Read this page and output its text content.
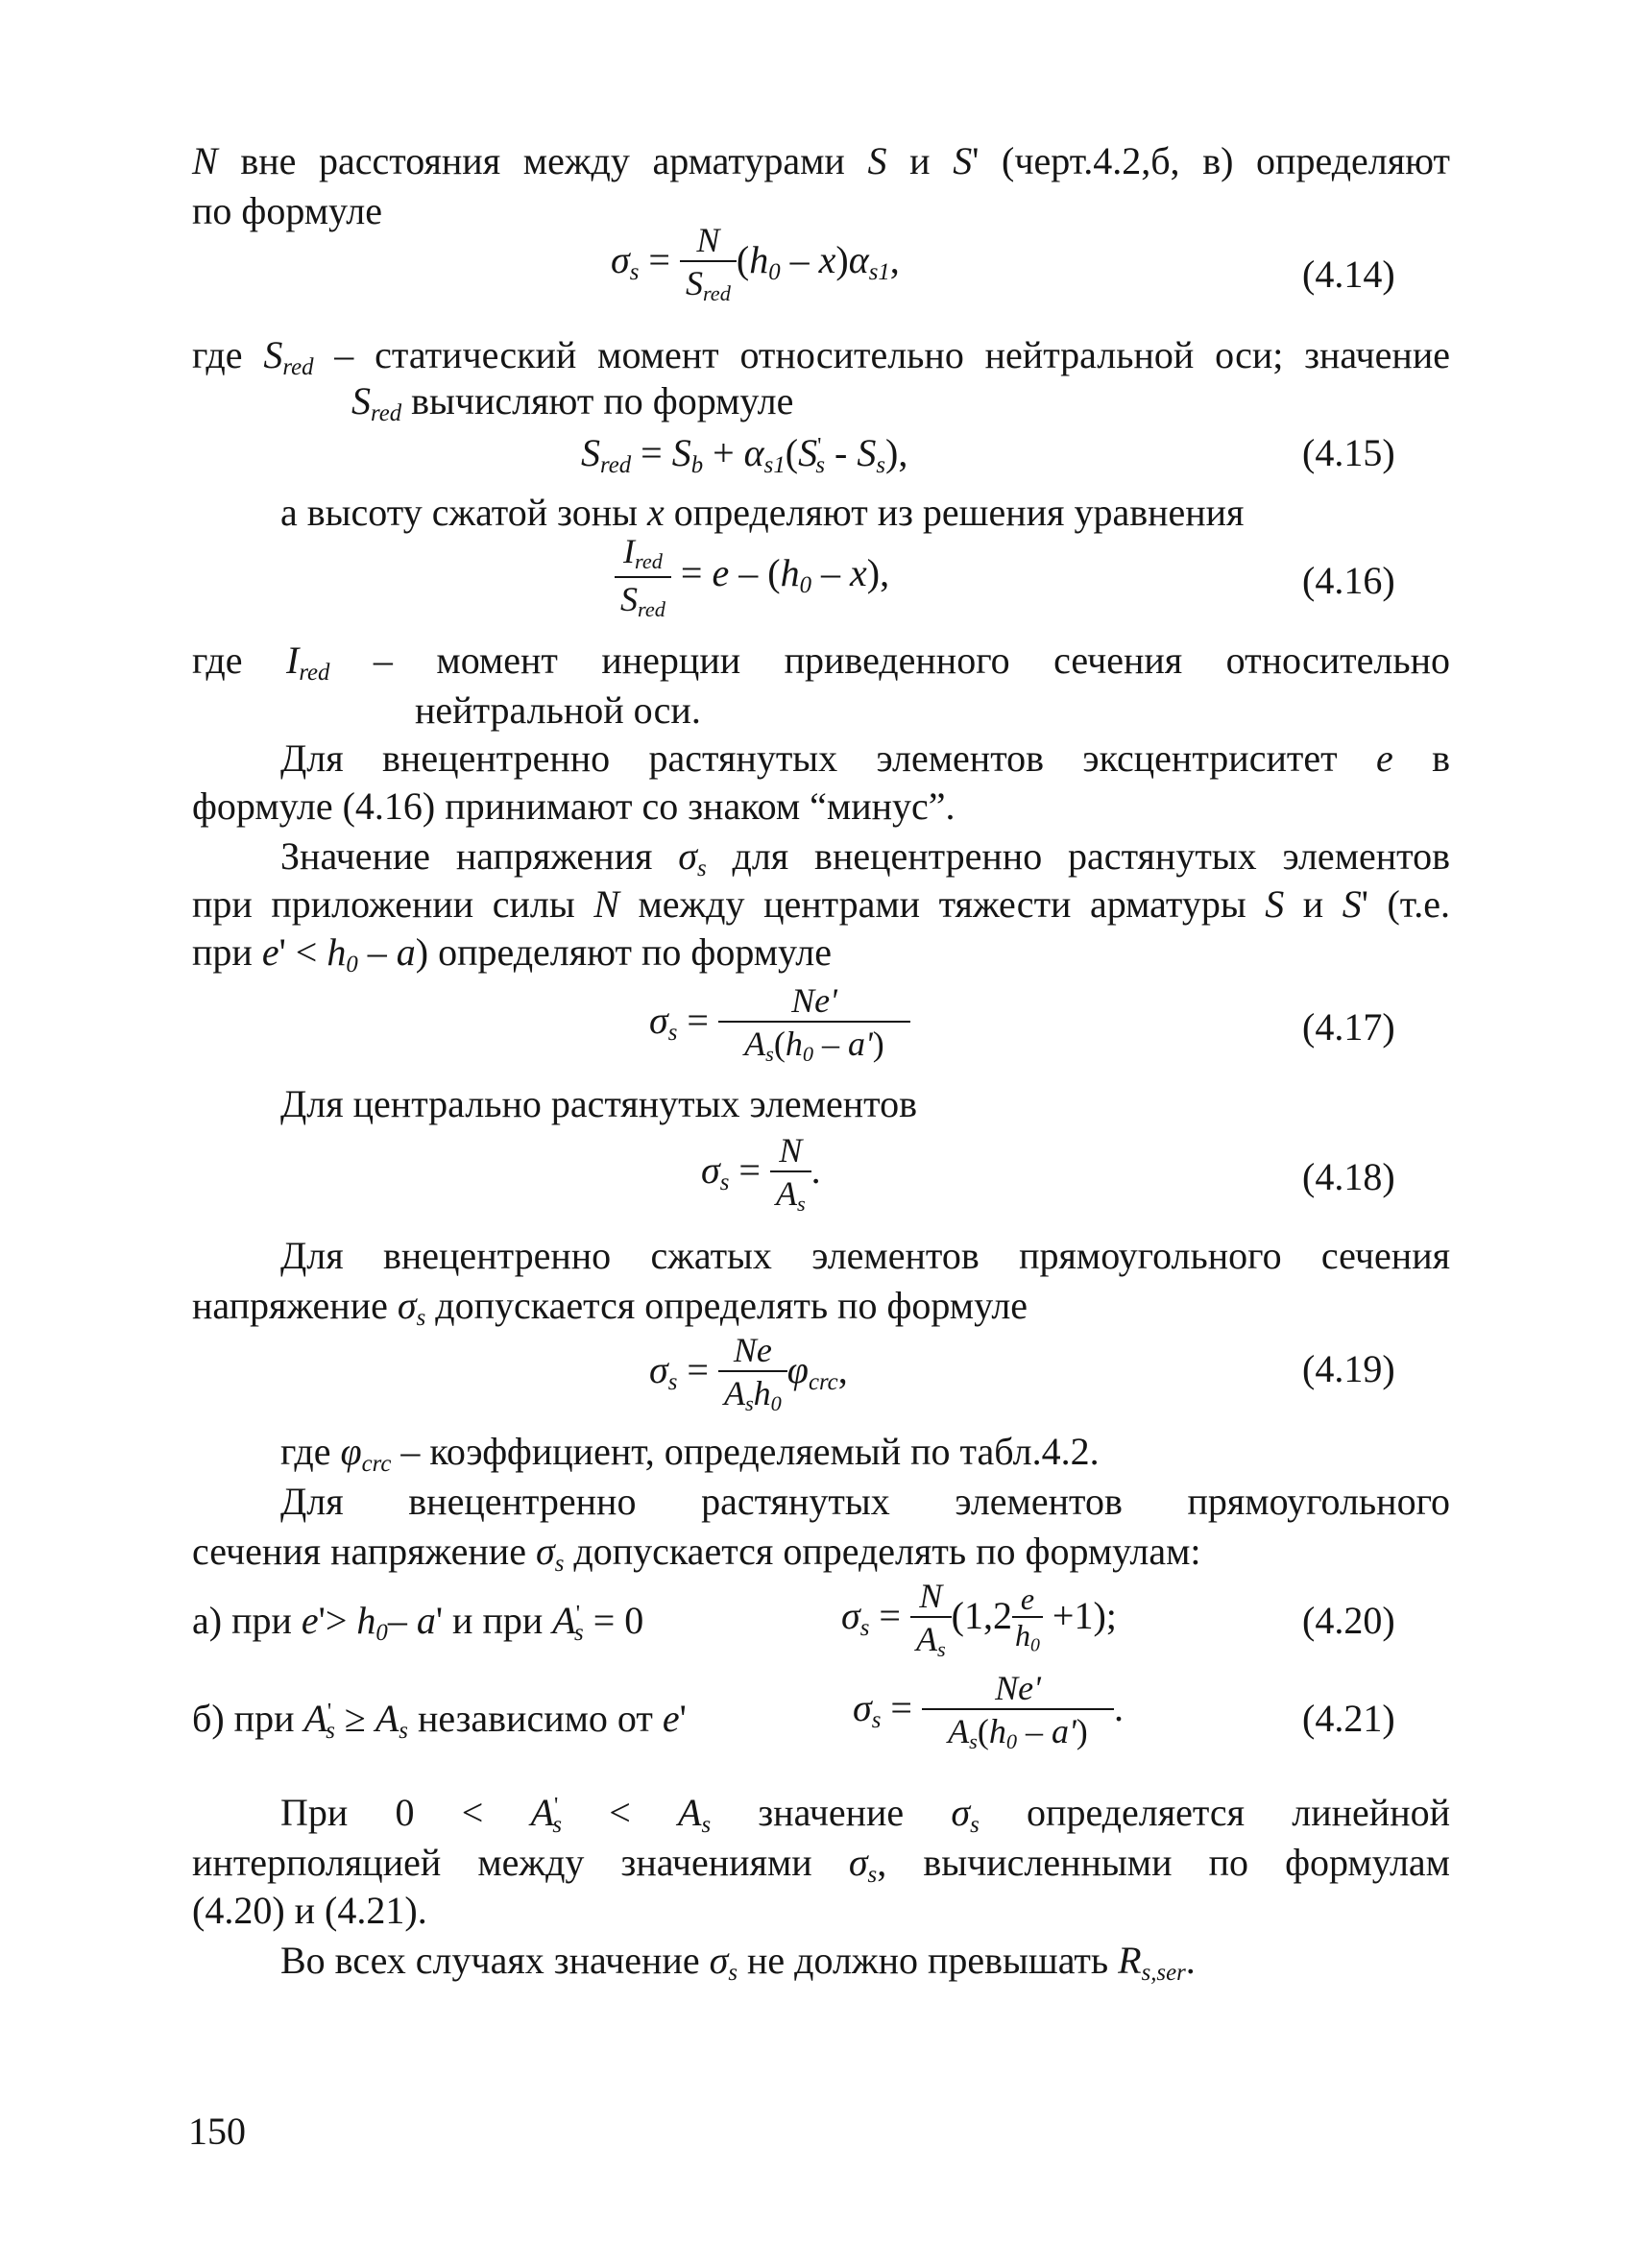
N вне расстояния между арматурами S и S' (черт.4.2,б, в) определяют
по формуле
$\sigma_s = \frac{N}{S_{red}} (h_0 - x)\alpha_{s1}$,	(4.14)
где $S_{red}$ – статический момент относительно нейтральной оси; значение
$S_{red}$ вычисляют по формуле
$S_{red} = S_b + \alpha_{s1}(S'_s - S_s)$,	(4.15)
а высоту сжатой зоны x определяют из решения уравнения
$\frac{I_{red}}{S_{red}} = e - (h_0 - x)$,	(4.16)
где $I_{red}$ – момент инерции приведенного сечения относительно
нейтральной оси.
Для внецентренно растянутых элементов эксцентриситет e в
формуле (4.16) принимают со знаком “минус”.
Значение напряжения $\sigma_s$ для внецентренно растянутых элементов
при приложении силы N между центрами тяжести арматуры S и S' (т.е.
при $e' < h_0 - a$) определяют по формуле
$\sigma_s = \frac{Ne'}{A_s(h_0 - a')}$	(4.17)
Для центрально растянутых элементов
$\sigma_s = \frac{N}{A_s}$ .	(4.18)
Для внецентренно сжатых элементов прямоугольного сечения
напряжение $\sigma_s$ допускается определять по формуле
$\sigma_s = \frac{Ne}{A_sh_0} \varphi_{crc}$,	(4.19)
где $\varphi_{crc}$ – коэффициент, определяемый по табл.4.2.
Для внецентренно растянутых элементов прямоугольного
сечения напряжение $\sigma_s$ допускается определять по формулам:
а) при $e'> h_0-$ a' и при $A'_s = 0$	$\sigma_s = \frac{N}{A_s} (1,2 \frac{e}{h_0} +1)$;	(4.20)
б) при $A'_s \ge A_s$ независимо от e'	$\sigma_s = \frac{Ne'}{A_s(h_0 - a')}$ .	(4.21)
При $0 < A'_s < A_s$ значение $\sigma_s$ определяется линейной
интерполяцией между значениями $\sigma_s$, вычисленными по формулам
(4.20) и (4.21).
Во всех случаях значение $\sigma_s$ не должно превышать $R_{s,ser}$.
150
